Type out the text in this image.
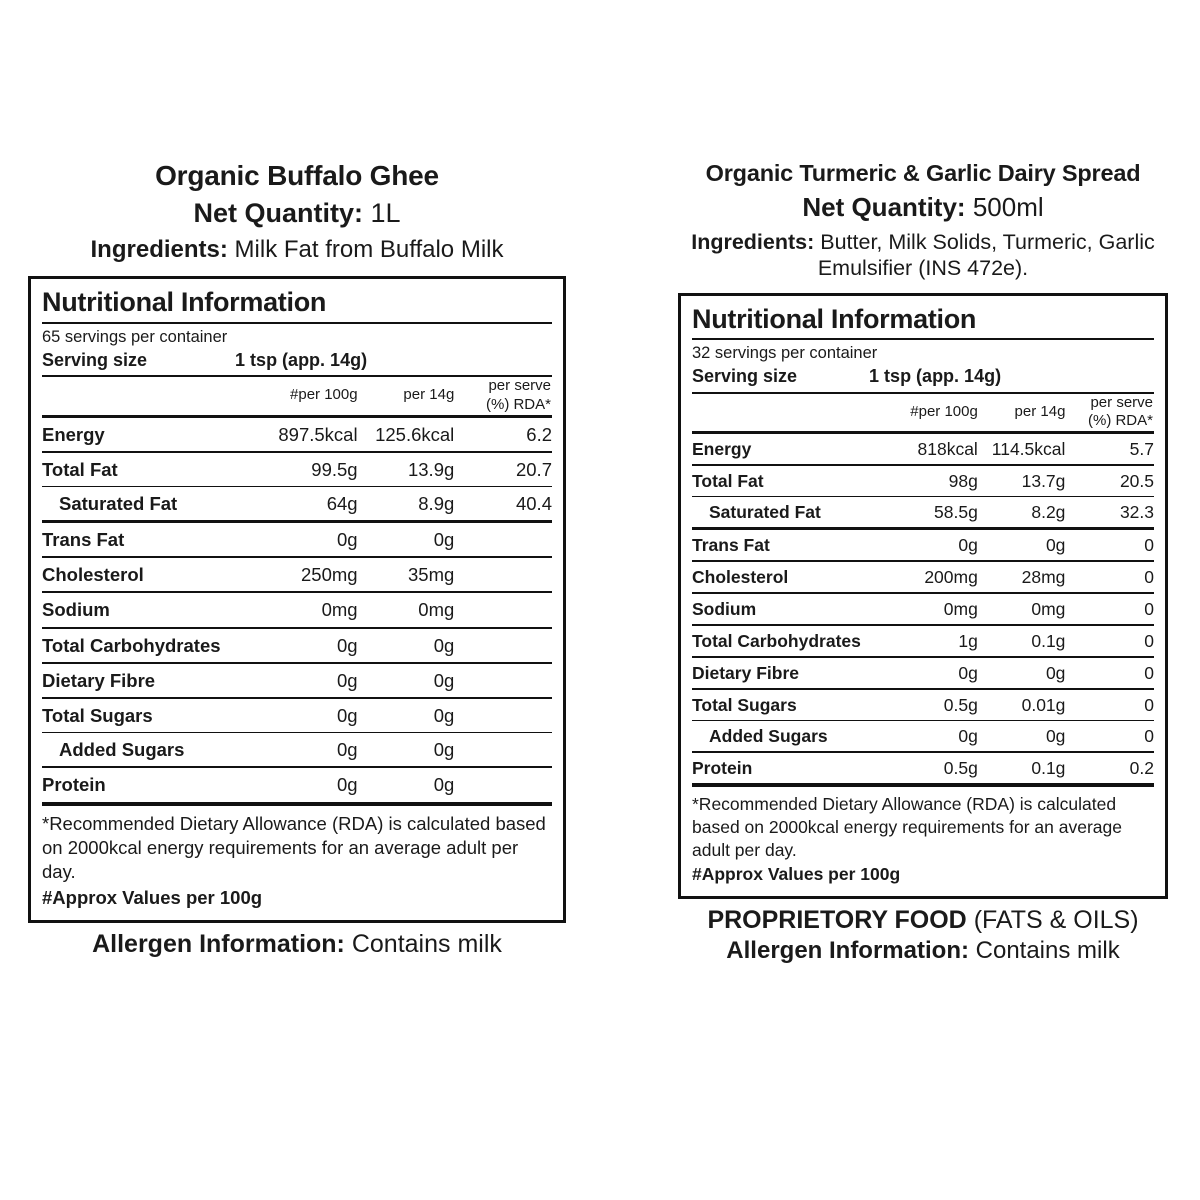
Organic Buffalo Ghee
Net Quantity: 1L
Ingredients: Milk Fat from Buffalo Milk
Nutritional Information
65 servings per container
Serving size	1 tsp (app. 14g)
	#per 100g	per 14g	per serve
(%) RDA*

Energy	897.5kcal	125.6kcal	6.2
Total Fat	99.5g	13.9g	20.7
Saturated Fat	64g	8.9g	40.4
Trans Fat	0g	0g	
Cholesterol	250mg	35mg	
Sodium	0mg	0mg	
Total Carbohydrates	0g	0g	
Dietary Fibre	0g	0g	
Total Sugars	0g	0g	
Added Sugars	0g	0g	
Protein	0g	0g	
*Recommended Dietary Allowance (RDA) is calculated based on 2000kcal energy requirements for an average adult per day.
#Approx Values per 100g
Allergen Information: Contains milk
Organic Turmeric & Garlic Dairy Spread
Net Quantity: 500ml
Ingredients: Butter, Milk Solids, Turmeric, Garlic Emulsifier (INS 472e).
Nutritional Information
32 servings per container
Serving size	1 tsp (app. 14g)
	#per 100g	per 14g	per serve
(%) RDA*

Energy	818kcal	114.5kcal	5.7
Total Fat	98g	13.7g	20.5
Saturated Fat	58.5g	8.2g	32.3
Trans Fat	0g	0g	0
Cholesterol	200mg	28mg	0
Sodium	0mg	0mg	0
Total Carbohydrates	1g	0.1g	0
Dietary Fibre	0g	0g	0
Total Sugars	0.5g	0.01g	0
Added Sugars	0g	0g	0
Protein	0.5g	0.1g	0.2
*Recommended Dietary Allowance (RDA) is calculated based on 2000kcal energy requirements for an average adult per day.
#Approx Values per 100g
PROPRIETORY FOOD (FATS & OILS)
Allergen Information: Contains milk
